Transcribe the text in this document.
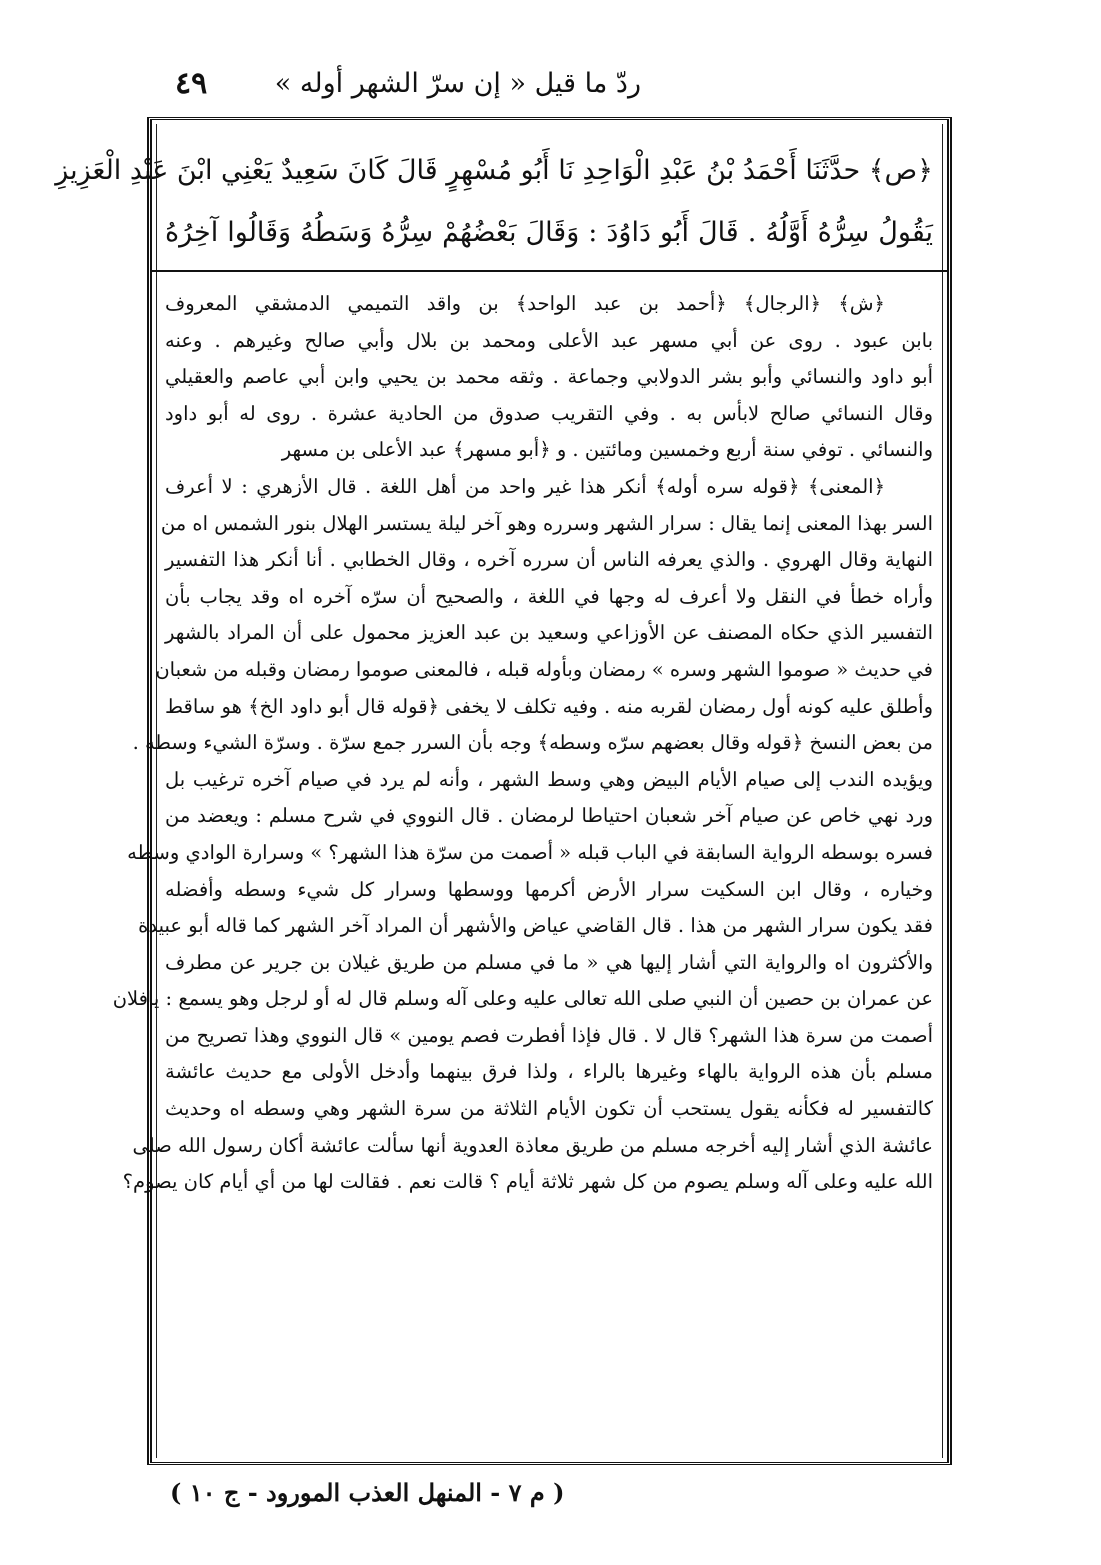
ردّ ما قيل « إن سرّ الشهر أوله »
٤٩

﴿ص﴾ حدَّثَنَا أَحْمَدُ بْنُ عَبْدِ الْوَاحِدِ نَا أَبُو مُسْهِرٍ قَالَ كَانَ سَعِيدٌ يَعْنِي ابْنَ عَبْدِ الْعَزِيزِ

يَقُولُ سِرُّهُ أَوَّلُهُ . قَالَ أَبُو دَاوُدَ : وَقَالَ بَعْضُهُمْ سِرُّهُ وَسَطُهُ وَقَالُوا آخِرُهُ

﴿ش﴾ ﴿الرجال﴾ ﴿أحمد بن عبد الواحد﴾ بن واقد التميمي الدمشقي المعروف

بابن عبود . روى عن أبي مسهر عبد الأعلى ومحمد بن بلال وأبي صالح وغيرهم . وعنه

أبو داود والنسائي وأبو بشر الدولابي وجماعة . وثقه محمد بن يحيي وابن أبي عاصم والعقيلي

وقال النسائي صالح لابأس به . وفي التقريب صدوق من الحادية عشرة . روى له أبو داود

والنسائي . توفي سنة أربع وخمسين ومائتين . و ﴿أبو مسهر﴾ عبد الأعلى بن مسهر

﴿المعنى﴾ ﴿قوله سره أوله﴾ أنكر هذا غير واحد من أهل اللغة . قال الأزهري : لا أعرف

السر بهذا المعنى إنما يقال : سرار الشهر وسرره وهو آخر ليلة يستسر الهلال بنور الشمس اه من

النهاية وقال الهروي . والذي يعرفه الناس أن سرره آخره ، وقال الخطابي . أنا أنكر هذا التفسير

وأراه خطأ في النقل ولا أعرف له وجها في اللغة ، والصحيح أن سرّه آخره اه وقد يجاب بأن

التفسير الذي حكاه المصنف عن الأوزاعي وسعيد بن عبد العزيز محمول على أن المراد بالشهر

في حديث « صوموا الشهر وسره » رمضان وبأوله قبله ، فالمعنى صوموا رمضان وقبله من شعبان

وأطلق عليه كونه أول رمضان لقربه منه . وفيه تكلف لا يخفى ﴿قوله قال أبو داود الخ﴾ هو ساقط

من بعض النسخ ﴿قوله وقال بعضهم سرّه وسطه﴾ وجه بأن السرر جمع سرّة . وسرّة الشيء وسطه .

ويؤيده الندب إلى صيام الأيام البيض وهي وسط الشهر ، وأنه لم يرد في صيام آخره ترغيب بل

ورد نهي خاص عن صيام آخر شعبان احتياطا لرمضان . قال النووي في شرح مسلم : ويعضد من

فسره بوسطه الرواية السابقة في الباب قبله « أصمت من سرّة هذا الشهر؟ » وسرارة الوادي وسطه

وخياره ، وقال ابن السكيت سرار الأرض أكرمها ووسطها وسرار كل شيء وسطه وأفضله

فقد يكون سرار الشهر من هذا . قال القاضي عياض والأشهر أن المراد آخر الشهر كما قاله أبو عبيدة

والأكثرون اه والرواية التي أشار إليها هي « ما في مسلم من طريق غيلان بن جرير عن مطرف

عن عمران بن حصين أن النبي صلى الله تعالى عليه وعلى آله وسلم قال له أو لرجل وهو يسمع : يافلان

أصمت من سرة هذا الشهر؟ قال لا . قال فإذا أفطرت فصم يومين » قال النووي وهذا تصريح من

مسلم بأن هذه الرواية بالهاء وغيرها بالراء ، ولذا فرق بينهما وأدخل الأولى مع حديث عائشة

كالتفسير له فكأنه يقول يستحب أن تكون الأيام الثلاثة من سرة الشهر وهي وسطه اه وحديث

عائشة الذي أشار إليه أخرجه مسلم من طريق معاذة العدوية أنها سألت عائشة أكان رسول الله صلى

الله عليه وعلى آله وسلم يصوم من كل شهر ثلاثة أيام ؟ قالت نعم . فقالت لها من أي أيام كان يصوم؟

( م ٧ - المنهل العذب المورود - ج ١٠ )
